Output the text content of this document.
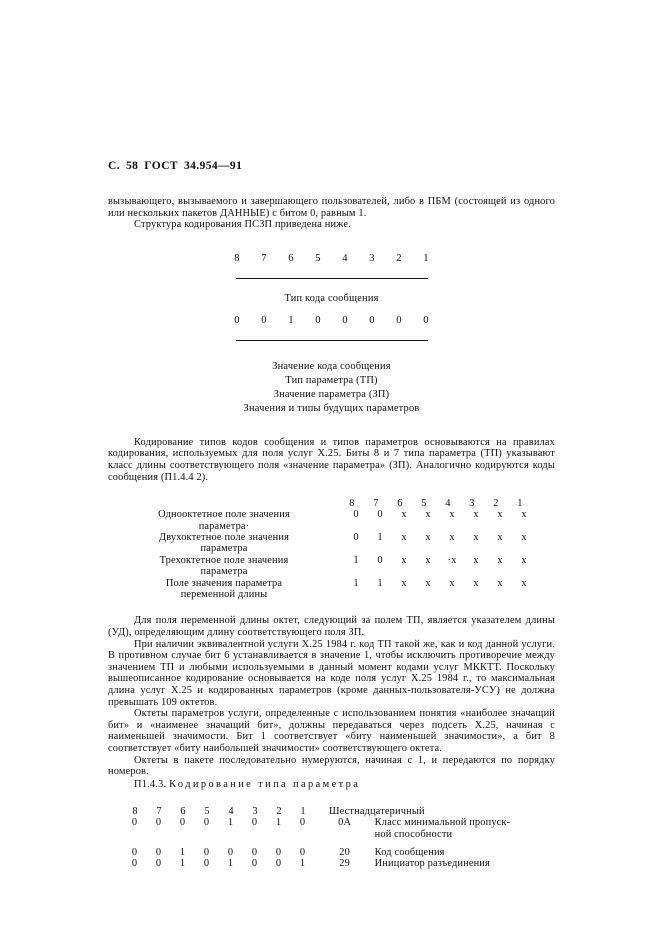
С. 58 ГОСТ 34.954—91

вызывающего, вызываемого и завершающего пользователей, либо в ПБМ (состоящей из одного или нескольких пакетов ДАННЫЕ) с битом 0, равным 1.

Структура кодирования ПСЗП приведена ниже.

8	7	6	5	4	3	2	1
Тип кода сообщения
0	0	1	0	0	0	0	0
Значение кода сообщения
Тип параметра (ТП)
Значение параметра (ЗП)
Значения и типы будущих параметров

Кодирование типов кодов сообщения и типов параметров основываются на правилах кодирования, используемых для поля услуг Х.25. Биты 8 и 7 типа параметра (ТП) указывают класс длины соответствующего поля «значение параметра» (ЗП). Аналогично кодируются коды сообщения (П1.4.4 2).

8	7	6	5	4	3	2	1
Однооктетное поле значения
параметра·
0	0	х	х	х	х	х	х
Двухоктетное поле значения
параметра
0	1	х	х	х	х	х	х
Трехоктетное поле значения
параметра
1	0	х	х	·х	х	х	х
Поле значения параметра
переменной длины
1	1	х	х	х	х	х	х

Для поля переменной длины октет, следующий за полем ТП, является указателем длины (УД), определяющим длину соответствующего поля ЗП.

При наличии эквивалентной услуги Х.25 1984 г. код ТП такой же, как и код данной услуги. В противном случае бит 6 устанавливается в значение 1, чтобы исключить противоречие между значением ТП и любыми используемыми в данный момент кодами услуг МККТТ. Поскольку вышеописанное кодирование основывается на коде поля услуг Х.25 1984 г., то максимальная длина услуг Х.25 и кодированных параметров (кроме данных-пользователя-УСУ) не должна превышать 109 октетов.

Октеты параметров услуги, определенные с использованием понятия «наиболее значащий бит» и «наименее значащий бит», должны передаваться через подсеть Х.25, начиная с наименьшей значимости. Бит 1 соответствует «биту наименьшей значимости», а бит 8 соответствует «биту наибольшей значимости» соответствующего октета.

Октеты в пакете последовательно нумеруются, начиная с 1, и передаются по порядку номеров.

П1.4.3. Кодирование типа параметра
8	7	6	5	4	3	2	1	Шестнадцатеричный
0	0	0	0	1	0	1	0	0A	Класс минимальной пропуск-
ной способности
0	0	1	0	0	0	0	0	20	Код сообщения
0	0	1	0	1	0	0	1	29	Инициатор разъединения
